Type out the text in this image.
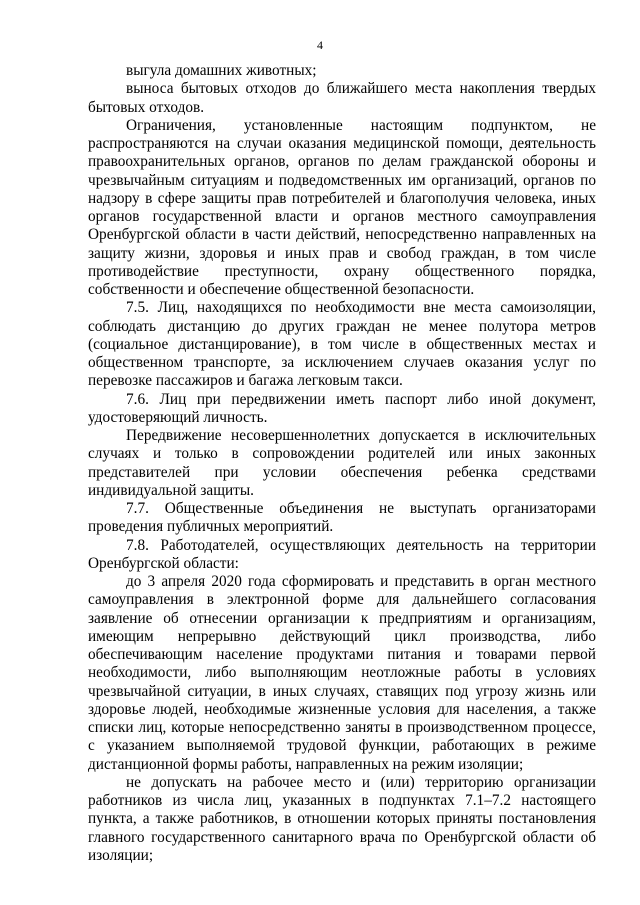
4

выгула домашних животных;

выноса бытовых отходов до ближайшего места накопления твердых бытовых отходов.

Ограничения, установленные настоящим подпунктом, не распространяются на случаи оказания медицинской помощи, деятельность правоохранительных органов, органов по делам гражданской обороны и чрезвычайным ситуациям и подведомственных им организаций, органов по надзору в сфере защиты прав потребителей и благополучия человека, иных органов государственной власти и органов местного самоуправления Оренбургской области в части действий, непосредственно направленных на защиту жизни, здоровья и иных прав и свобод граждан, в том числе противодействие преступности, охрану общественного порядка, собственности и обеспечение общественной безопасности.

7.5. Лиц, находящихся по необходимости вне места самоизоляции, соблюдать дистанцию до других граждан не менее полутора метров (социальное дистанцирование), в том числе в общественных местах и общественном транспорте, за исключением случаев оказания услуг по перевозке пассажиров и багажа легковым такси.

7.6. Лиц при передвижении иметь паспорт либо иной документ, удостоверяющий личность.

Передвижение несовершеннолетних допускается в исключительных случаях и только в сопровождении родителей или иных законных представителей при условии обеспечения ребенка средствами индивидуальной защиты.

7.7. Общественные объединения не выступать организаторами проведения публичных мероприятий.

7.8. Работодателей, осуществляющих деятельность на территории Оренбургской области:

до 3 апреля 2020 года сформировать и представить в орган местного самоуправления в электронной форме для дальнейшего согласования заявление об отнесении организации к предприятиям и организациям, имеющим непрерывно действующий цикл производства, либо обеспечивающим население продуктами питания и товарами первой необходимости, либо выполняющим неотложные работы в условиях чрезвычайной ситуации, в иных случаях, ставящих под угрозу жизнь или здоровье людей, необходимые жизненные условия для населения, а также списки лиц, которые непосредственно заняты в производственном процессе, с указанием выполняемой трудовой функции, работающих в режиме дистанционной формы работы, направленных на режим изоляции;

не допускать на рабочее место и (или) территорию организации работников из числа лиц, указанных в подпунктах 7.1–7.2 настоящего пункта, а также работников, в отношении которых приняты постановления главного государственного санитарного врача по Оренбургской области об изоляции;
